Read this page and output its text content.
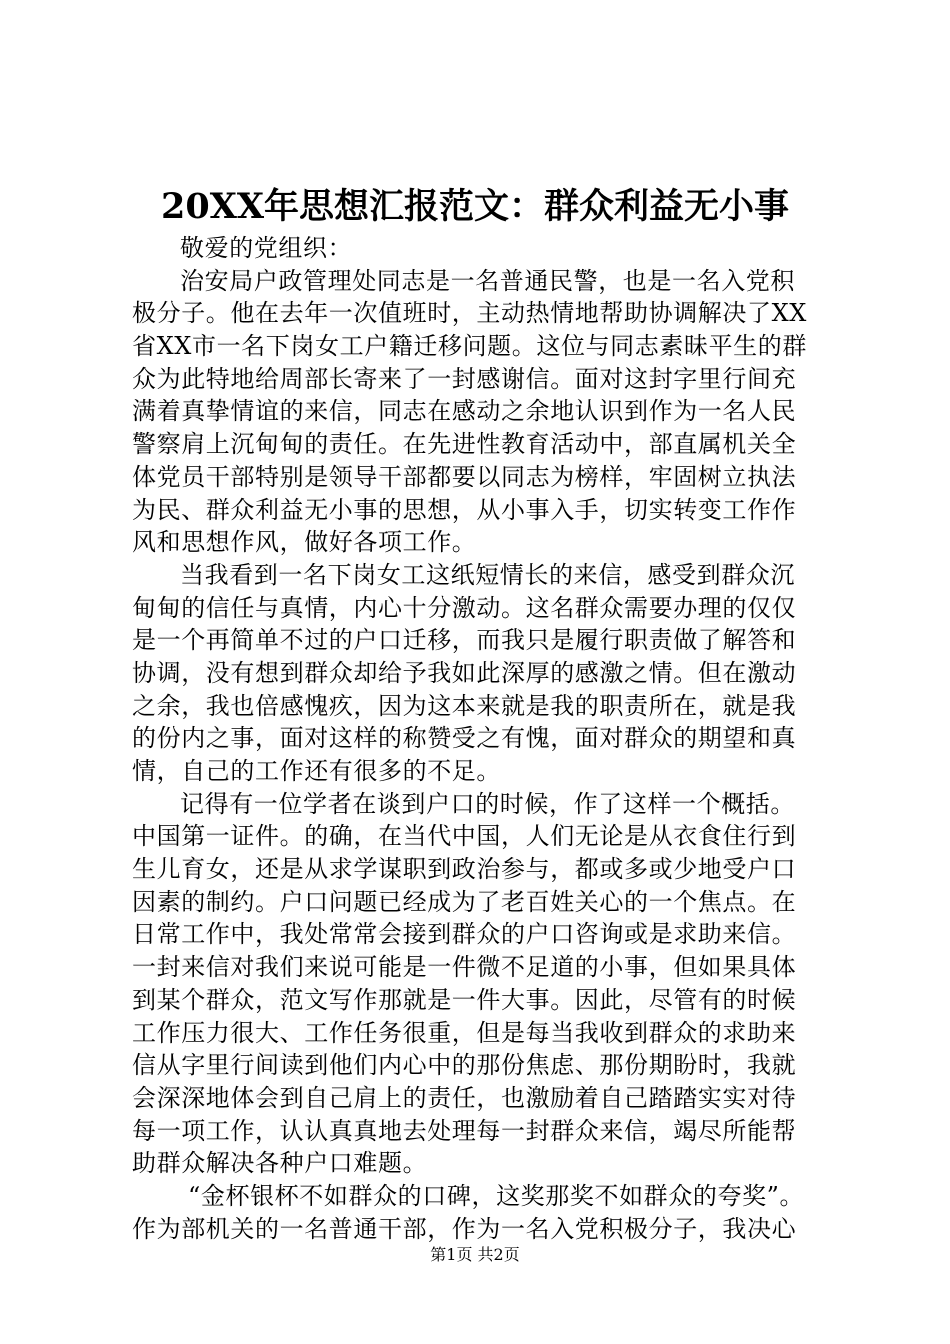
20XX年思想汇报范文：群众利益无小事
敬爱的党组织：
治安局户政管理处同志是一名普通民警，也是一名入党积
极分子。他在去年一次值班时，主动热情地帮助协调解决了XX
省XX市一名下岗女工户籍迁移问题。这位与同志素昧平生的群
众为此特地给周部长寄来了一封感谢信。面对这封字里行间充
满着真挚情谊的来信，同志在感动之余地认识到作为一名人民
警察肩上沉甸甸的责任。在先进性教育活动中，部直属机关全
体党员干部特别是领导干部都要以同志为榜样，牢固树立执法
为民、群众利益无小事的思想，从小事入手，切实转变工作作
风和思想作风，做好各项工作。
当我看到一名下岗女工这纸短情长的来信，感受到群众沉
甸甸的信任与真情，内心十分激动。这名群众需要办理的仅仅
是一个再简单不过的户口迁移，而我只是履行职责做了解答和
协调，没有想到群众却给予我如此深厚的感激之情。但在激动
之余，我也倍感愧疚，因为这本来就是我的职责所在，就是我
的份内之事，面对这样的称赞受之有愧，面对群众的期望和真
情，自己的工作还有很多的不足。
记得有一位学者在谈到户口的时候，作了这样一个概括。
中国第一证件。的确，在当代中国，人们无论是从衣食住行到
生儿育女，还是从求学谋职到政治参与，都或多或少地受户口
因素的制约。户口问题已经成为了老百姓关心的一个焦点。在
日常工作中，我处常常会接到群众的户口咨询或是求助来信。
一封来信对我们来说可能是一件微不足道的小事，但如果具体
到某个群众，范文写作那就是一件大事。因此，尽管有的时候
工作压力很大、工作任务很重，但是每当我收到群众的求助来
信从字里行间读到他们内心中的那份焦虑、那份期盼时，我就
会深深地体会到自己肩上的责任，也激励着自己踏踏实实对待
每一项工作，认认真真地去处理每一封群众来信，竭尽所能帮
助群众解决各种户口难题。
“金杯银杯不如群众的口碑，这奖那奖不如群众的夸奖”。
作为部机关的一名普通干部，作为一名入党积极分子，我决心
第1页 共2页
